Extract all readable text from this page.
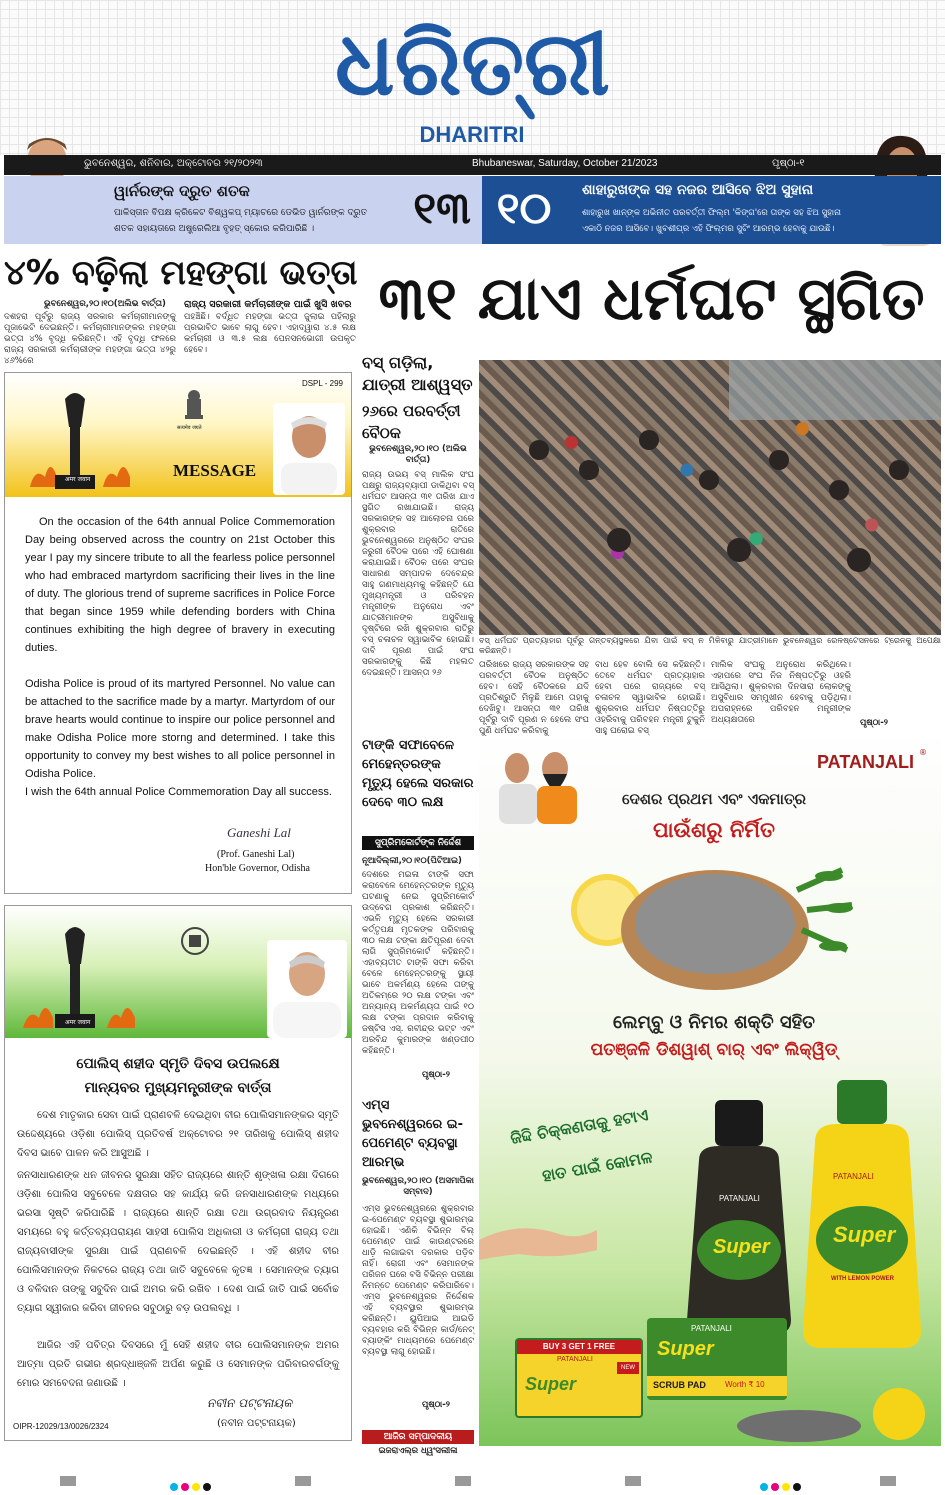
ଧରିତ୍ରୀ
DHARITRI
ଭୁବନେଶ୍ୱର, ଶନିବାର, ଅକ୍ଟୋବର ୨୧/୨୦୨୩	Bhubaneswar, Saturday, October 21/2023	ପୃଷ୍ଠା-୧
ୱାର୍ନରଙ୍କ ଦ୍ରୁତ ଶତକ
ପାକିସ୍ତାନ ବିପକ୍ଷ କ୍ରିକେଟ ବିଶ୍ୱକପ୍ ମ୍ୟାଚରେ ଡେଭିଡ ୱାର୍ନରଙ୍କ ଦ୍ରୁତ
ଶତକ ସହାୟତାରେ ଅଷ୍ଟ୍ରେଲିଆ ବୃହତ୍ ସ୍କୋର କରିପାରିଛି ।	୧୩ ୧୦	ଶାହାରୁଖଙ୍କ ସହ ନଜର ଆସିବେ ଝିଅ ସୁହାନା
ଶାହାରୁଖ ଖାନ୍‌ଙ୍କ ଅଭିନୀତ ପରବର୍ତ୍ତୀ ଫିଲ୍ମ 'କିଙ୍ଗ'ରେ ତାଙ୍କ ସହ ଝିଅ ସୁହାନା
ଏକାଠି ନଜର ଆସିବେ। ଖୁବଶୀଘ୍ର ଏହି ଫିଲ୍ମର ସୁଟିଂ ଆରମ୍ଭ ହେବାକୁ ଯାଉଛି।
୪% ବଢ଼ିଲା ମହଙ୍ଗା ଭତ୍ତା
ରାଜ୍ୟ ସରକାରୀ କର୍ମଚାରୀଙ୍କ ପାଇଁ ଖୁସି ଖବର
ଭୁବନେଶ୍ୱର,୨୦।୧୦(ଅଲିଭ ବାର୍ତ୍ତା)
ଦଶହରା ପୂର୍ବରୁ ରାଜ୍ୟ ସରକାର କର୍ମଚାରୀମାନଙ୍କୁ ପୂଜାଭେଟି ଦେଇଛନ୍ତି। କର୍ମଚାରୀମାନଙ୍କର ମହଙ୍ଗା ଭତ୍ତା ୪% ବୃଦ୍ଧି କରିଛନ୍ତି। ଏହି ବୃଦ୍ଧି ଫଳରେ ରାଜ୍ୟ ସରକାରୀ କର୍ମଚାରୀଙ୍କ ମହଙ୍ଗା ଭତ୍ତା ୪୨ରୁ ୪୬%ରେ
ପହଞ୍ଚିଛି। ବର୍ଦ୍ଧିତ ମହଙ୍ଗା ଭତ୍ତା ଜୁଲାଇ ପହିଲାରୁ ପ୍ରଭାବିତ ଭାବେ ଲାଗୁ ହେବ। ଏହାଦ୍ୱାରା ୪.୫ ଲକ୍ଷ କର୍ମଚାରୀ ଓ ୩.୫ ଲକ୍ଷ ପେନସନଭୋଗୀ ଉପକୃତ ହେବେ।
୩୧ ଯାଏ ଧର୍ମଘଟ ସ୍ଥଗିତ
DSPL - 299
अमर जवान
सत्यमेव जयते
MESSAGE
On the occasion of the 64th annual Police Commemoration Day being observed across the country on 21st October this year I pay my sincere tribute to all the fearless police personnel who had embraced martyrdom sacrificing their lives in the line of duty. The glorious trend of supreme sacrifices in Police Force that began since 1959 while defending borders with China continues exhibiting the high degree of bravery in executing duties.
Odisha Police is proud of its martyred Personnel. No value can be attached to the sacrifice made by a martyr. Martyrdom of our brave hearts would continue to inspire our police personnel and make Odisha Police more storng and determined. I take this opportunity to convey my best wishes to all police personnel in Odisha Police.
I wish the 64th annual Police Commemoration Day all success.
Ganeshi Lal
(Prof. Ganeshi Lal)
Hon'ble Governor, Odisha
अमर जवान
ପୋଲିସ୍ ଶହୀଦ ସ୍ମୃତି ଦିବସ ଉପଲକ୍ଷେ
ମାନ୍ୟବର ମୁଖ୍ୟମନ୍ତ୍ରୀଙ୍କ ବାର୍ତ୍ତା
ଦେଶ ମାତୃକାର ସେବା ପାଇଁ ପ୍ରାଣବଳି ଦେଇଥିବା ବୀର ପୋଲିସମାନଙ୍କର ସ୍ମୃତି ଉଦ୍ଦେଶ୍ୟରେ ଓଡ଼ିଶା ପୋଲିସ୍ ପ୍ରତିବର୍ଷ ଅକ୍ଟୋବର ୨୧ ତାରିଖକୁ ପୋଲିସ୍ ଶହୀଦ ଦିବସ ଭାବେ ପାଳନ କରି ଆସୁଅଛି ।
ଜନସାଧାରଣଙ୍କ ଧନ ଜୀବନର ସୁରକ୍ଷା ସହିତ ରାଜ୍ୟରେ ଶାନ୍ତି ଶୃଙ୍ଖଳା ରକ୍ଷା ଦିଗରେ ଓଡ଼ିଶା ପୋଲିସ ସବୁବେଳେ ଦକ୍ଷତାର ସହ କାର୍ଯ୍ୟ କରି ଜନସାଧାରଣଙ୍କ ମଧ୍ୟରେ ଭରସା ସୃଷ୍ଟି କରିପାରିଛି । ରାଜ୍ୟରେ ଶାନ୍ତି ରକ୍ଷା ତଥା ଉଗ୍ରବାଦ ନିୟନ୍ତ୍ରଣ ସମୟରେ ବହୁ କର୍ତ୍ତବ୍ୟପରାୟଣ ସାହସୀ ପୋଲିସ ଅଧିକାରୀ ଓ କର୍ମଚାରୀ ରାଜ୍ୟ ତଥା ରାଜ୍ୟବାସୀଙ୍କ ସୁରକ୍ଷା ପାଇଁ ପ୍ରାଣବଳି ଦେଇଛନ୍ତି । ଏହି ଶହୀଦ ବୀର ପୋଲିସମାନଙ୍କ ନିକଟରେ ରାଜ୍ୟ ତଥା ଜାତି ସବୁବେଳେ କୃତଜ୍ଞ । ସେମାନଙ୍କ ତ୍ୟାଗ ଓ ବଳିଦାନ ତାଙ୍କୁ ସବୁଦିନ ପାଇଁ ଅମର କରି ରଖିବ । ଦେଶ ପାଇଁ ଜାତି ପାଇଁ ସର୍ବୋଚ୍ଚ ତ୍ୟାଗ ସ୍ୱୀକାର କରିବା ଜୀବନର ସବୁଠାରୁ ବଡ଼ ଉପଲବ୍ଧି ।
ଆଜିର ଏହି ପବିତ୍ର ଦିବସରେ ମୁଁ ସେହି ଶହୀଦ ବୀର ପୋଲିସମାନଙ୍କ ଅମର ଆତ୍ମା ପ୍ରତି ଗଭୀର ଶ୍ରଦ୍ଧାଞ୍ଜଳି ଅର୍ପଣ କରୁଛି ଓ ସେମାନଙ୍କ ପରିବାରବର୍ଗଙ୍କୁ ମୋର ସମବେଦନା ଜଣାଉଛି ।
ନବୀନ ପଟ୍ଟନାୟକ
(ନବୀନ ପଟ୍ଟନାୟକ)
OIPR-12029/13/0026/2324
ବସ୍ ଗଡ଼ିଲା, ଯାତ୍ରୀ ଆଶ୍ୱସ୍ତ
୨୬ରେ ପରବର୍ତ୍ତୀ ବୈଠକ
ଭୁବନେଶ୍ୱର,୨୦।୧୦ (ଅଲିଭ ବାର୍ତ୍ତା)
ରାଜ୍ୟ ଉଭୟ ବସ୍ ମାଲିକ ସଂଘ ପକ୍ଷରୁ ରାଜ୍ୟବ୍ୟାପୀ ଡାକିଥିବା ବସ୍ ଧର୍ମଘଟ ଆସନ୍ତା ୩୧ ତାରିଖ ଯାଏ ସ୍ଥଗିତ ରଖାଯାଇଛି। ରାଜ୍ୟ ସରକାରଙ୍କ ସହ ଆଲୋଚନା ପରେ ଶୁକ୍ରବାର ରାତିରେ ଭୁବନେଶ୍ୱରରେ ଅନୁଷ୍ଠିତ ସଂଘର ଜରୁରୀ ବୈଠକ ପରେ ଏହି ଘୋଷଣା କରାଯାଇଛି। ବୈଠକ ପରେ ସଂଘର ସାଧାରଣ ସମ୍ପାଦକ ଦେବେନ୍ଦ୍ର ସାହୁ ଗଣମାଧ୍ୟମକୁ କହିଛନ୍ତି ଯେ ମୁଖ୍ୟମନ୍ତ୍ରୀ ଓ ପରିବହନ ମନ୍ତ୍ରୀଙ୍କ ଅନୁରୋଧ ଏବଂ ଯାତ୍ରୀମାନଙ୍କ ଅସୁବିଧାକୁ ଦୃଷ୍ଟିରେ ରଖି ଶୁକ୍ରବାର ରାତିରୁ ବସ୍ ଚଳାଚଳ ସ୍ୱାଭାବିକ ହୋଇଛି। ଦାବି ପୂରଣ ପାଇଁ ସଂଘ ସରକାରଙ୍କୁ କିଛି ମହଲତ ଦେଇଛନ୍ତି। ଆସନ୍ତା ୨୬
ବସ୍ ଧର୍ମଘଟ ପ୍ରତ୍ୟାହାର ପୂର୍ବରୁ ଗନ୍ତବ୍ୟସ୍ଥଳରେ ଯିବା ପାଇଁ ବସ୍ ନ ମିଳିବାରୁ ଯାତ୍ରୀମାନେ ଭୁବନେଶ୍ୱର ରେଳଷ୍ଟେସନରେ ଟ୍ରେନକୁ ଅପେକ୍ଷା କରିଛନ୍ତି।
ତାରିଖରେ ରାଜ୍ୟ ସରକାରଙ୍କ ସହ ପରବର୍ତ୍ତୀ ବୈଠକ ଅନୁଷ୍ଠିତ ହେବ। ସେହି ବୈଠକରେ ଯଦି ପ୍ରତିଶ୍ରୁତି ମିଳୁଛି ଆମେ ତାହାକୁ ଦେଖିବୁ। ଆସନ୍ତା ୩୧ ତାରିଖ ପୂର୍ବରୁ ଦାବି ପୂରଣ ନ ହେଲେ ସଂଘ ପୁଣି ଧର୍ମଘଟ କରିବାକୁ
ବାଧ ହେବ ବୋଲି ସେ କହିଛନ୍ତି। ତେବେ ଧର୍ମଘଟ ପ୍ରତ୍ୟାହାର ହେବା ପରେ ରାଜ୍ୟରେ ବସ୍ ଚଳାଚଳ ସ୍ୱାଭାବିକ ହୋଇଛି। ଶୁକ୍ରବାର ଧର୍ମଘଟ ନିଷ୍ପତ୍ତିରୁ ଓହରିବାକୁ ପରିବହନ ମନ୍ତ୍ରୀ ଟୁକୁନି ସାହୁ ଘରୋଇ ବସ୍
ମାଲିକ ସଂଘକୁ ଅନୁରୋଧ କରିଥିଲେ। ଏହାପରେ ସଂଘ ନିଜ ନିଷ୍ପତ୍ତିରୁ ଓହରି ଆସିଥିଲା। ଶୁକ୍ରବାର ଦିନସାରା ଲୋକଙ୍କୁ ଅସୁବିଧାର ସମ୍ମୁଖୀନ ହେବାକୁ ପଡ଼ିଥିଲା। ଅପରାହ୍ନରେ ପରିବହନ ମନ୍ତ୍ରୀଙ୍କ ଅଧ୍ୟକ୍ଷତାରେ	ପୃଷ୍ଠା-୨
ଟାଙ୍କି ସଫାବେଳେ ମେହେନ୍ତରଙ୍କ ମୃତ୍ୟୁ ହେଲେ ସରକାର ଦେବେ ୩୦ ଲକ୍ଷ
ସୁପ୍ରିମକୋର୍ଟଙ୍କ ନିର୍ଦ୍ଦେଶ
ନୂଆଦିଲ୍ଲୀ,୨୦।୧୦(ପିଟିଆଇ)
ଦେଶରେ ମଇଳା ଟାଙ୍କି ସଫା କରାବେଳେ ମେହେନ୍ତରଙ୍କ ମୃତ୍ୟୁ ଘଟଣାକୁ ନେଇ ସୁପ୍ରିମକୋର୍ଟ ଉଦ୍‌ବେଗ ପ୍ରକାଶ କରିଛନ୍ତି। ଏଭଳି ମୃତ୍ୟୁ ହେଲେ ସରକାରୀ କର୍ତ୍ତୃପକ୍ଷ ମୃତକଙ୍କ ପରିବାରକୁ ୩୦ ଲକ୍ଷ ଟଙ୍କା କ୍ଷତିପୂରଣ ଦେବା ଲାଗି ସୁପ୍ରିମକୋର୍ଟ କହିଛନ୍ତି। ଏହାବ୍ୟତୀତ ଟାଙ୍କି ସଫା କରିବା ବେଳେ ମେହେନ୍ତରଙ୍କୁ ସ୍ଥାୟୀ ଭାବେ ଅକର୍ମଣ୍ୟ ହେଲେ ତାଙ୍କୁ ଅତିକମ୍‌ରେ ୨୦ ଲକ୍ଷ ଟଙ୍କା ଏବଂ ଅନ୍ୟାନ୍ୟ ଅକର୍ମଣ୍ୟତା ପାଇଁ ୧୦ ଲକ୍ଷ ଟଙ୍କା ପ୍ରଦାନ କରିବାକୁ ଜଷ୍ଟିସ ଏସ୍. ରବୀନ୍ଦ୍ର ଭଟ୍ଟ ଏବଂ ଅରବିନ୍ଦ କୁମାରଙ୍କ ଖଣ୍ଡପୀଠ କହିଛନ୍ତି।
ପୃଷ୍ଠା-୨
ଏମ୍ସ ଭୁବନେଶ୍ୱରରେ ଇ-ପେମେଣ୍ଟ ବ୍ୟବସ୍ଥା ଆରମ୍ଭ
ଭୁବନେଶ୍ୱର,୨୦।୧୦ (ଅସମାପିକା ସମ୍ବାଦ)
ଏମ୍ସ ଭୁବନେଶ୍ୱରରେ ଶୁକ୍ରବାର ଇ-ପେମେଣ୍ଟ ବ୍ୟବସ୍ଥା ଶୁଭାରମ୍ଭ ହୋଇଛି। ଏଣିକି ବିଭିନ୍ନ ବିଲ୍ ପେମେଣ୍ଟ ପାଇଁ କାଉଣ୍ଟରରେ ଧାଡ଼ି ଲଗାଇବା ଦରକାର ପଡ଼ିବ ନାହିଁ। ରୋଗୀ ଏବଂ ସେମାନଙ୍କ ପରିଜନ ଘରେ ବସି ବିଭିନ୍ନ ପରୀକ୍ଷା ନିମନ୍ତେ ପେମେଣ୍ଟ କରିପାରିବେ। ଏମ୍ସ ଭୁବନେଶ୍ୱରର ନିର୍ଦ୍ଦେଶକ ଏହି ବ୍ୟବସ୍ଥାର ଶୁଭାରମ୍ଭ କରିଛନ୍ତି। ୟୁପିଆଇ ଆଇଡି ବ୍ୟବହାର କରି ବିଭିନ୍ନ କାର୍ଡ/ନେଟ୍ ବ୍ୟାଙ୍କିଂ ମାଧ୍ୟମରେ ପେମେଣ୍ଟ ବ୍ୟବସ୍ଥା ଲାଗୁ ହୋଇଛି।
ପୃଷ୍ଠା-୨
ଆଜିର ସମ୍ପାଦକୀୟ
ଇଜରାଏଲ୍‌ର ଧ୍ୱଂସଲୀଳା
PATANJALI ®
ଦେଶର ପ୍ରଥମ ଏବଂ ଏକମାତ୍ର
ପାଉଁଶରୁ ନିର୍ମିତ
ଲେମ୍ବୁ ଓ ନିମର ଶକ୍ତି ସହିତ
ପତଞ୍ଜଳି ଡିଶୱାଶ୍ ବାର୍ ଏବଂ ଲିକ୍ୱିଡ୍
ଜିଦ୍ଦି ଚିକ୍କଣତାକୁ ହଟାଏ
ହାତ ପାଇଁ କୋମଳ
PATANJALI
Super
PATANJALI
Super
WITH LEMON POWER
BUY 3 GET 1 FREE
PATANJALI
Super
NEW
PATANJALI
Super
SCRUB PAD Worth ₹ 10
